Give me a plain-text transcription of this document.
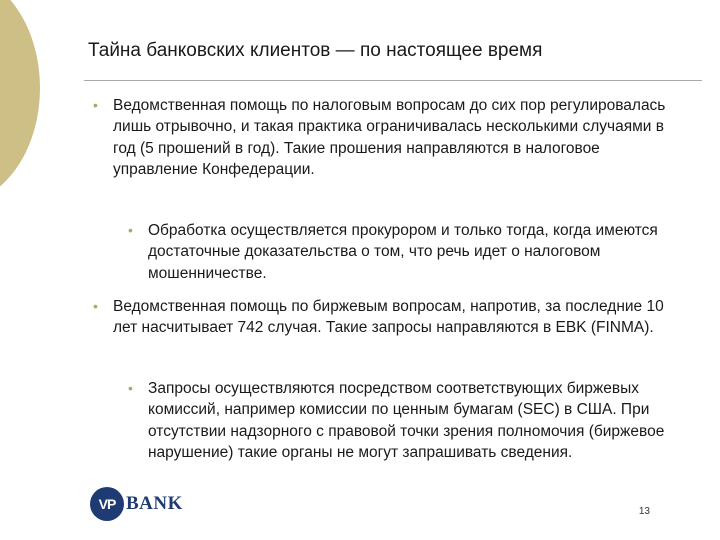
Тайна банковских клиентов — по настоящее время
• Ведомственная помощь по налоговым вопросам до сих пор регулировалась лишь отрывочно, и такая практика ограничивалась несколькими случаями в год (5 прошений в год). Такие прошения направляются в налоговое управление Конфедерации.
• Обработка осуществляется прокурором и только тогда, когда имеются достаточные доказательства о том, что речь идет о налоговом мошенничестве.
• Ведомственная помощь по биржевым вопросам, напротив, за последние 10 лет насчитывает 742 случая. Такие запросы направляются в EBK (FINMA).
• Запросы осуществляются посредством соответствующих биржевых комиссий, например комиссии по ценным бумагам (SEC) в США. При отсутствии надзорного с правовой точки зрения полномочия (биржевое нарушение) такие органы не могут запрашивать сведения.
VP BANK	13
